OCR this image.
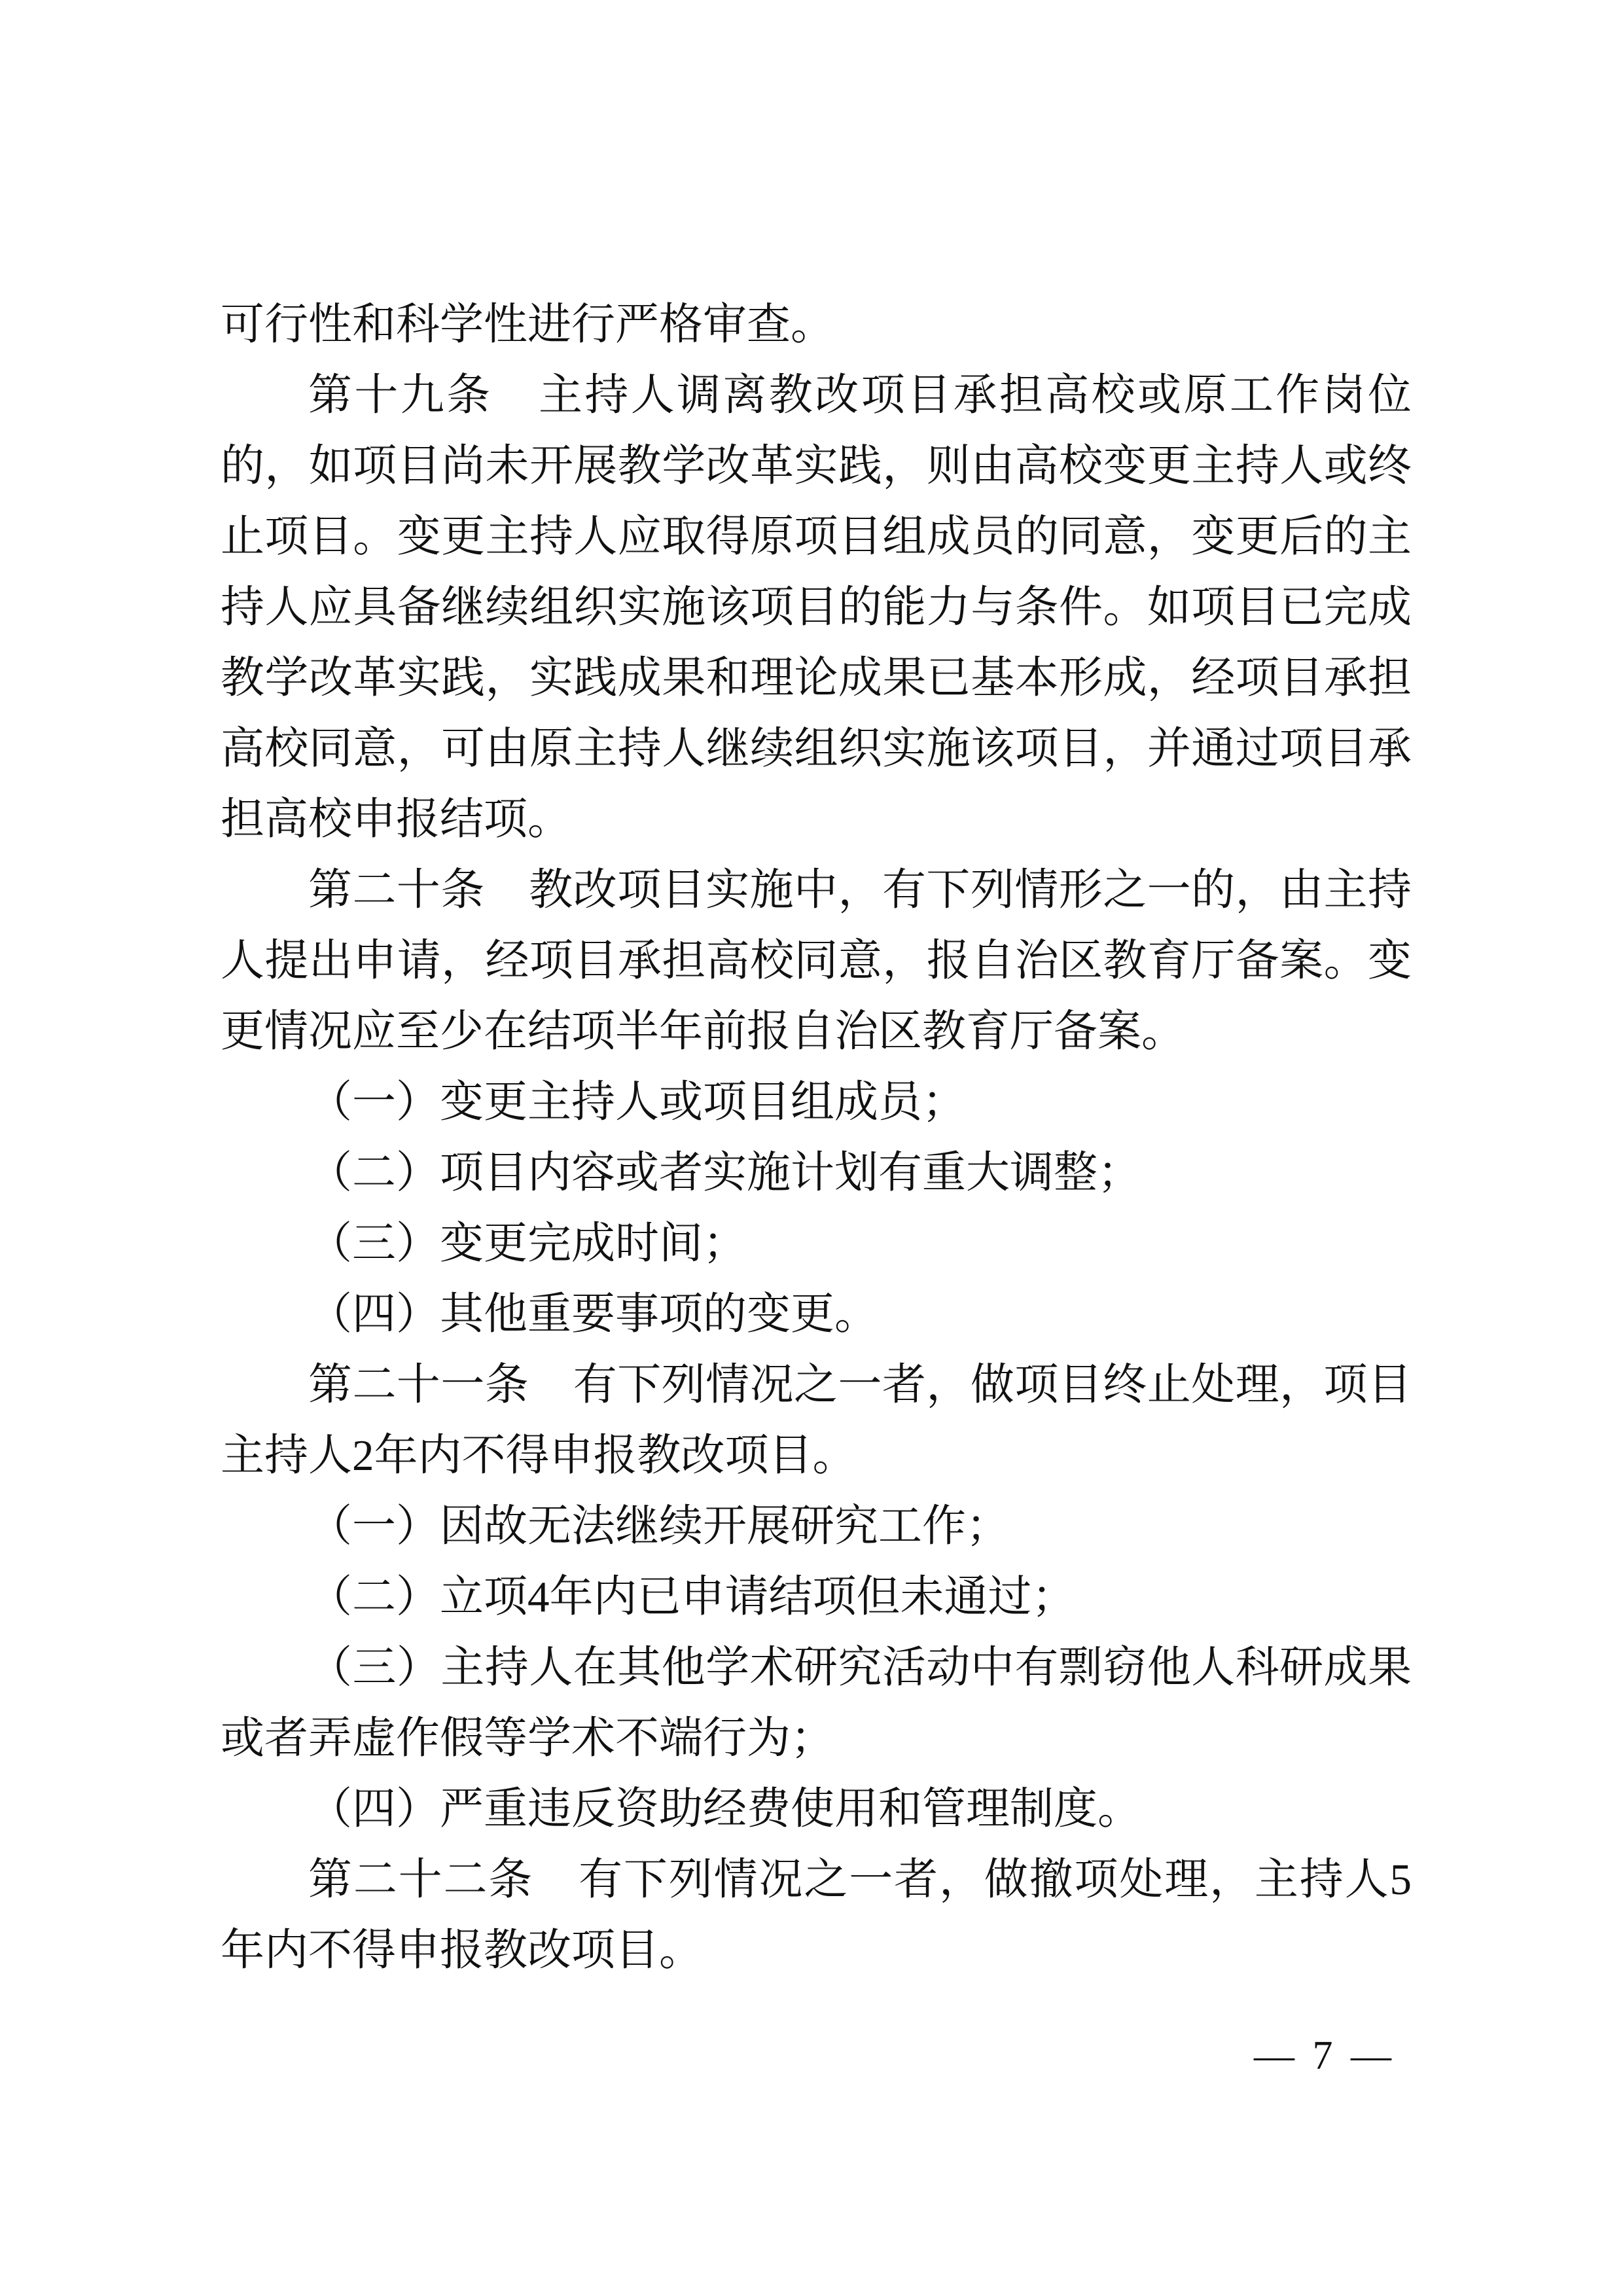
可行性和科学性进行严格审查。
第十九条　主持人调离教改项目承担高校或原工作岗位
的，如项目尚未开展教学改革实践，则由高校变更主持人或终
止项目。变更主持人应取得原项目组成员的同意，变更后的主
持人应具备继续组织实施该项目的能力与条件。如项目已完成
教学改革实践，实践成果和理论成果已基本形成，经项目承担
高校同意，可由原主持人继续组织实施该项目，并通过项目承
担高校申报结项。
第二十条　教改项目实施中，有下列情形之一的，由主持
人提出申请，经项目承担高校同意，报自治区教育厅备案。变
更情况应至少在结项半年前报自治区教育厅备案。
（一）变更主持人或项目组成员；
（二）项目内容或者实施计划有重大调整；
（三）变更完成时间；
（四）其他重要事项的变更。
第二十一条　有下列情况之一者，做项目终止处理，项目
主持人2年内不得申报教改项目。
（一）因故无法继续开展研究工作；
（二）立项4年内已申请结项但未通过；
（三）主持人在其他学术研究活动中有剽窃他人科研成果
或者弄虚作假等学术不端行为；
（四）严重违反资助经费使用和管理制度。
第二十二条　有下列情况之一者，做撤项处理，主持人5
年内不得申报教改项目。
— 7 —
